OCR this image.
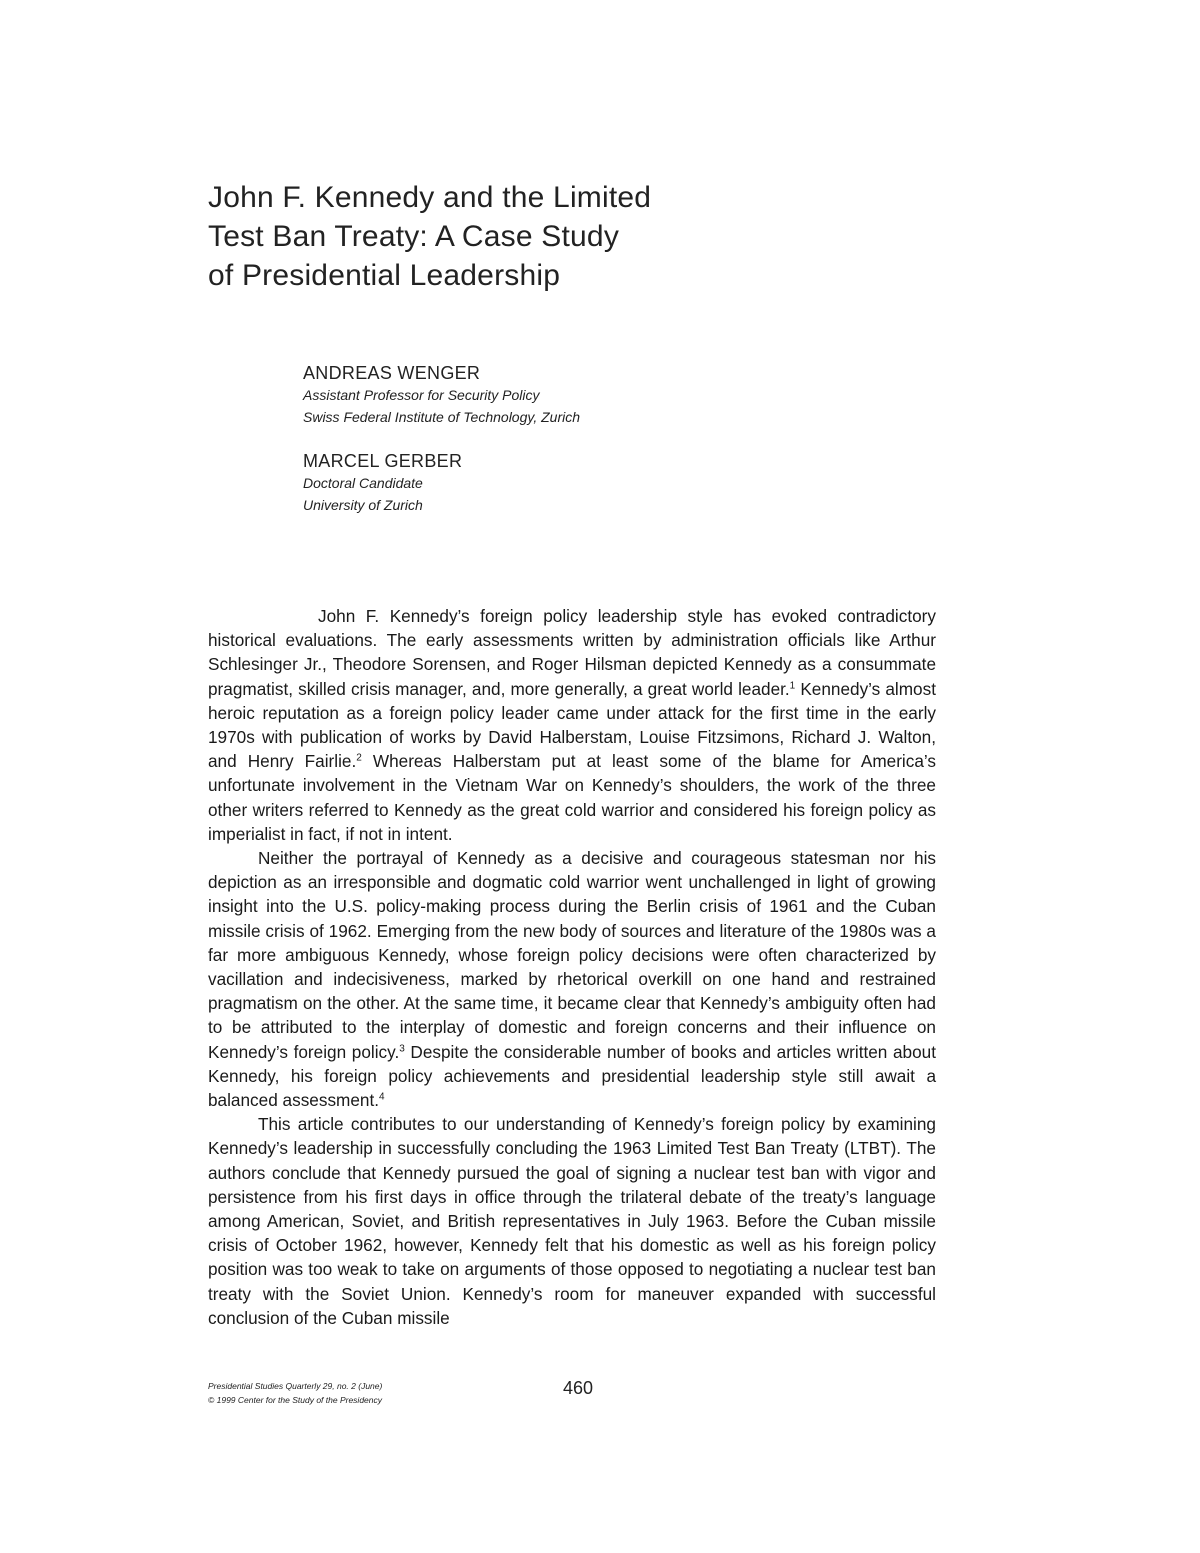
John F. Kennedy and the Limited
Test Ban Treaty: A Case Study
of Presidential Leadership
ANDREAS WENGER
Assistant Professor for Security Policy
Swiss Federal Institute of Technology, Zurich
MARCEL GERBER
Doctoral Candidate
University of Zurich

John F. Kennedy’s foreign policy leadership style has evoked contradictory historical evaluations. The early assessments written by administration officials like Arthur Schlesinger Jr., Theodore Sorensen, and Roger Hilsman depicted Kennedy as a consummate pragmatist, skilled crisis manager, and, more generally, a great world leader.$^1$ Kennedy’s almost heroic reputation as a foreign policy leader came under attack for the first time in the early 1970s with publication of works by David Halberstam, Louise Fitzsimons, Richard J. Walton, and Henry Fairlie.$^2$ Whereas Halberstam put at least some of the blame for America’s unfortunate involvement in the Vietnam War on Kennedy’s shoulders, the work of the three other writers referred to Kennedy as the great cold warrior and considered his foreign policy as imperialist in fact, if not in intent.

Neither the portrayal of Kennedy as a decisive and courageous statesman nor his depiction as an irresponsible and dogmatic cold warrior went unchallenged in light of growing insight into the U.S. policy-making process during the Berlin crisis of 1961 and the Cuban missile crisis of 1962. Emerging from the new body of sources and literature of the 1980s was a far more ambiguous Kennedy, whose foreign policy decisions were often characterized by vacillation and indecisiveness, marked by rhetorical overkill on one hand and restrained pragmatism on the other. At the same time, it became clear that Kennedy’s ambiguity often had to be attributed to the interplay of domestic and foreign concerns and their influence on Kennedy’s foreign policy.$^3$ Despite the considerable number of books and articles written about Kennedy, his foreign policy achievements and presidential leadership style still await a balanced assessment.$^4$

This article contributes to our understanding of Kennedy’s foreign policy by examining Kennedy’s leadership in successfully concluding the 1963 Limited Test Ban Treaty (LTBT). The authors conclude that Kennedy pursued the goal of signing a nuclear test ban with vigor and persistence from his first days in office through the trilateral debate of the treaty’s language among American, Soviet, and British representatives in July 1963. Before the Cuban missile crisis of October 1962, however, Kennedy felt that his domestic as well as his foreign policy position was too weak to take on arguments of those opposed to negotiating a nuclear test ban treaty with the Soviet Union. Kennedy’s room for maneuver expanded with successful conclusion of the Cuban missile

Presidential Studies Quarterly 29, no. 2 (June)
© 1999 Center for the Study of the Presidency
460
